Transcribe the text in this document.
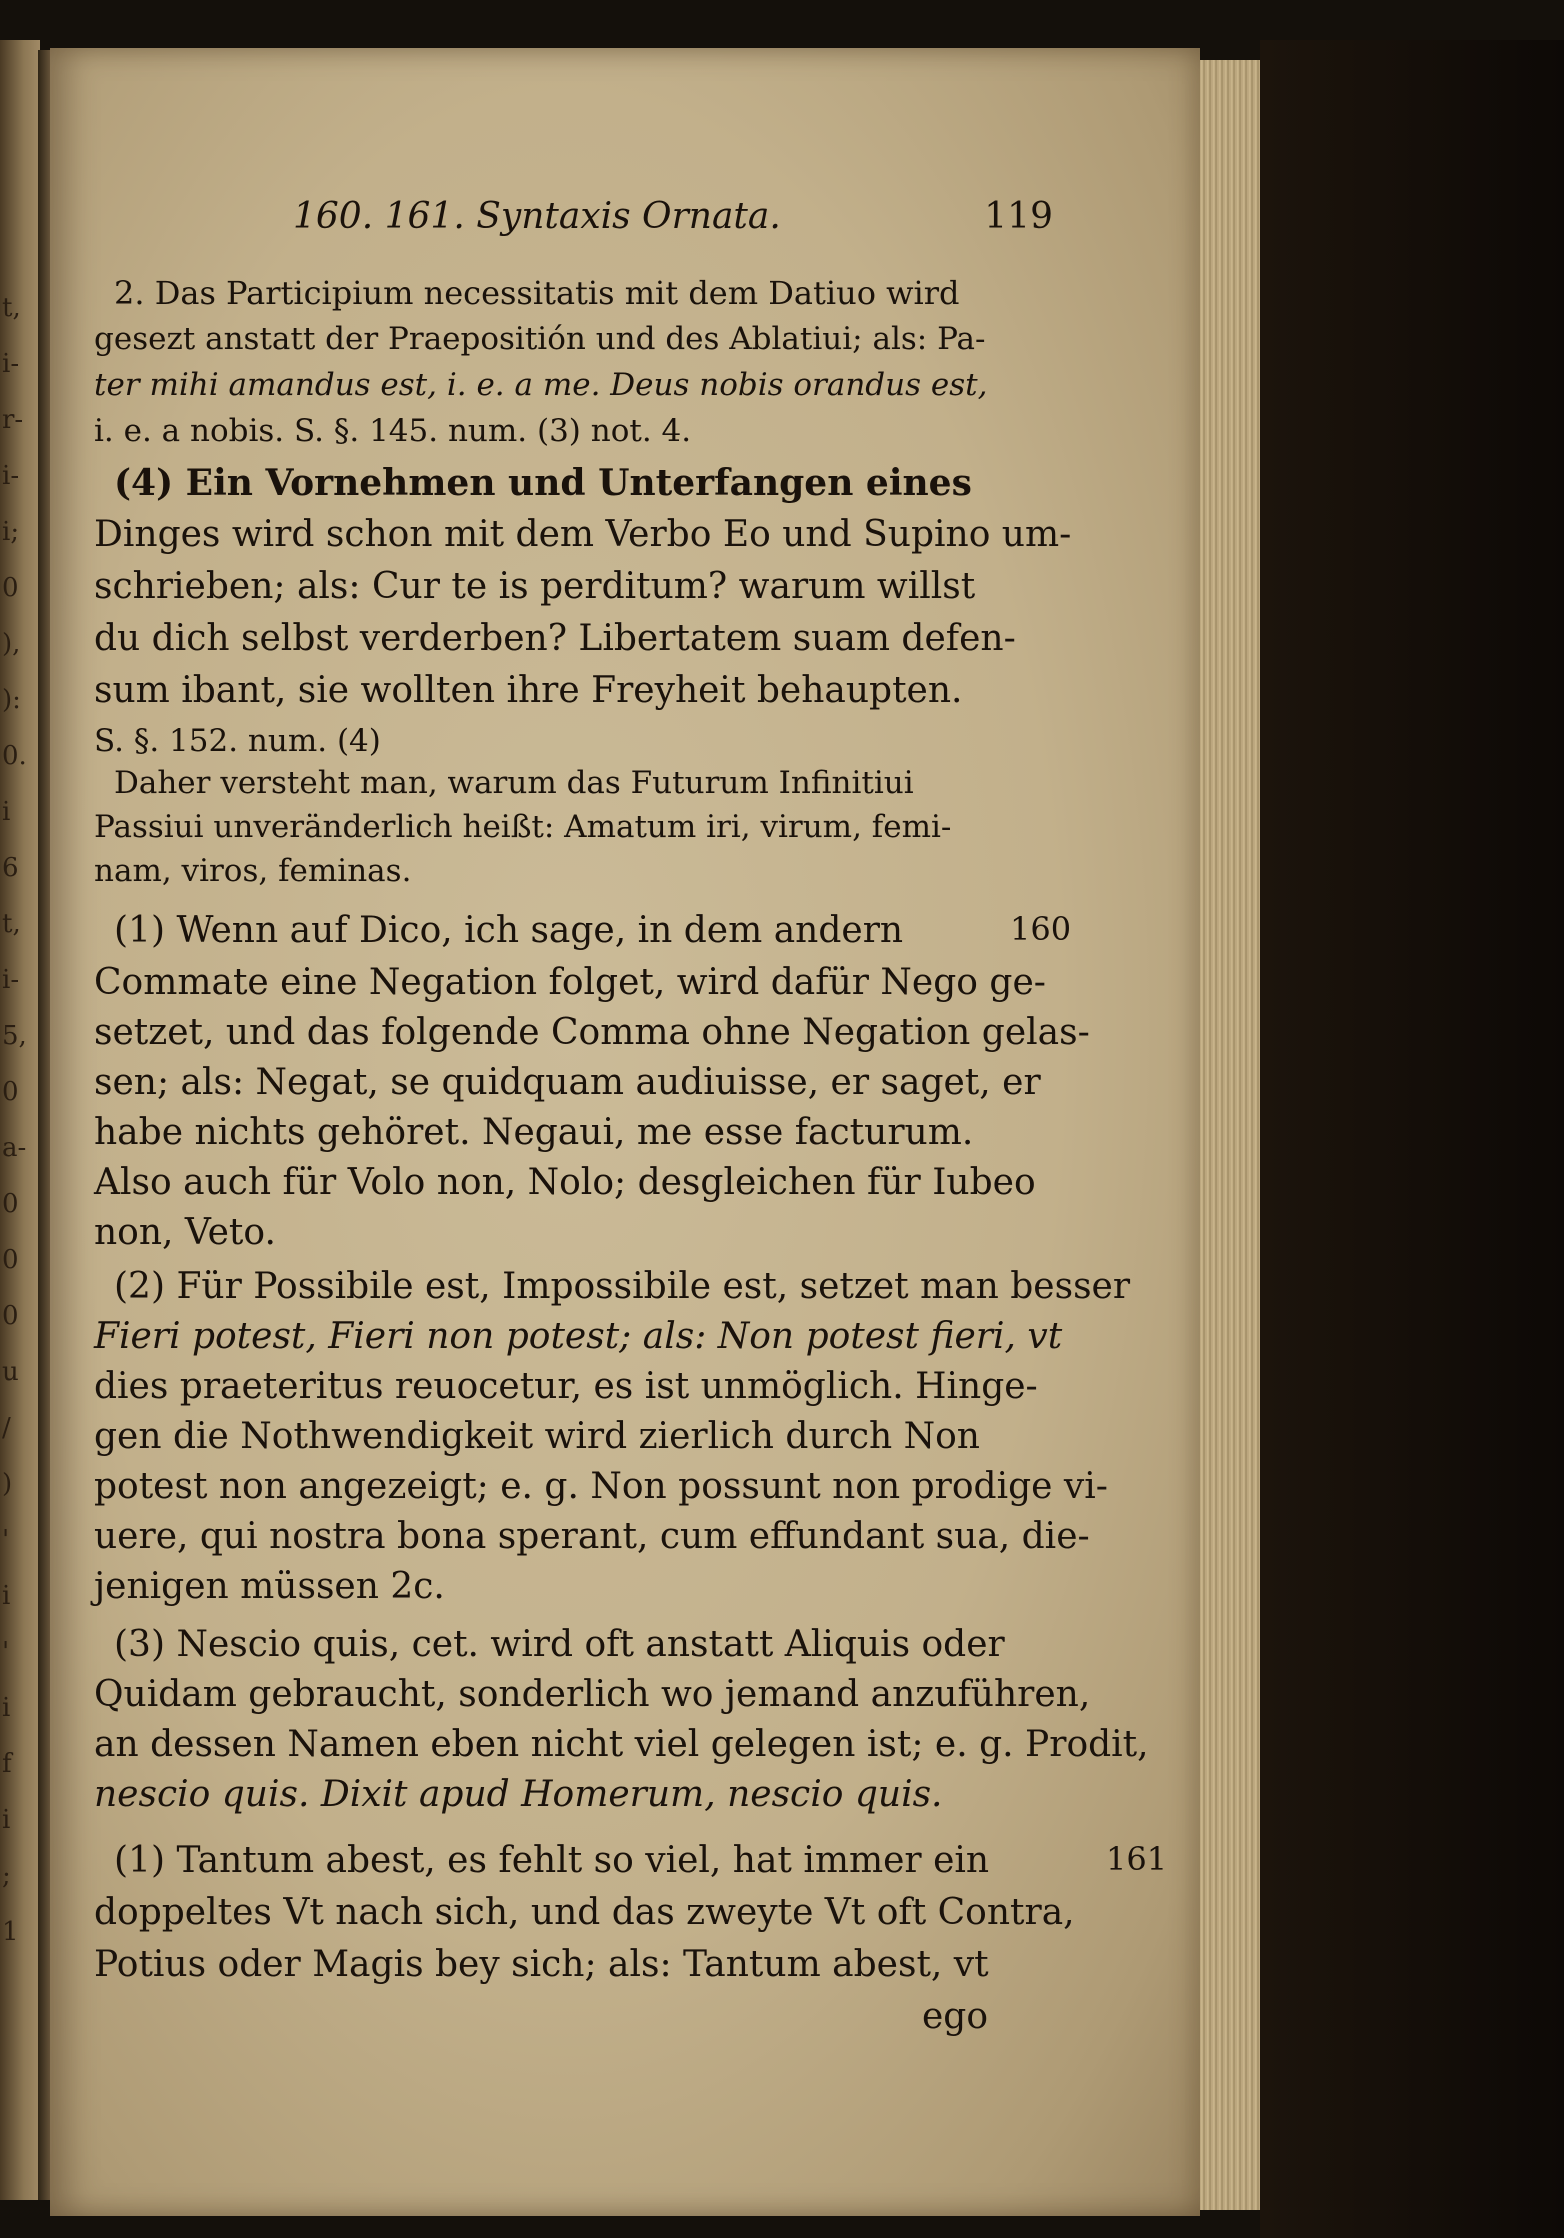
t,
i-
r-
i-
i;
0
),
):
0.
i
6
t,
i-
5,
0
a-
0
0
0
u
/
)
'
i
'
i
f
i
;
1
160. 161. Syntaxis Ornata.	119
2. Das Participium necessitatis mit dem Datiuo wird
gesezt anstatt der Praepositión und des Ablatiui; als: Pa-
ter mihi amandus est, i. e. a me. Deus nobis orandus est,
i. e. a nobis. S. §. 145. num. (3) not. 4.
(4) Ein Vornehmen und Unterfangen eines
Dinges wird schon mit dem Verbo Eo und Supino um-
schrieben; als: Cur te is perditum? warum willst
du dich selbst verderben? Libertatem suam defen-
sum ibant, sie wollten ihre Freyheit behaupten.
S. §. 152. num. (4)
Daher versteht man, warum das Futurum Infinitiui
Passiui unveränderlich heißt: Amatum iri, virum, femi-
nam, viros, feminas.
(1) Wenn auf Dico, ich sage, in dem andern	160
Commate eine Negation folget, wird dafür Nego ge-
setzet, und das folgende Comma ohne Negation gelas-
sen; als: Negat, se quidquam audiuisse, er saget, er
habe nichts gehöret. Negaui, me esse facturum.
Also auch für Volo non, Nolo; desgleichen für Iubeo
non, Veto.
(2) Für Possibile est, Impossibile est, setzet man besser
Fieri potest, Fieri non potest; als: Non potest fieri, vt
dies praeteritus reuocetur, es ist unmöglich. Hinge-
gen die Nothwendigkeit wird zierlich durch Non
potest non angezeigt; e. g. Non possunt non prodige vi-
uere, qui nostra bona sperant, cum effundant sua, die-
jenigen müssen 2c.
(3) Nescio quis, cet. wird oft anstatt Aliquis oder
Quidam gebraucht, sonderlich wo jemand anzuführen,
an dessen Namen eben nicht viel gelegen ist; e. g. Prodit,
nescio quis. Dixit apud Homerum, nescio quis.
(1) Tantum abest, es fehlt so viel, hat immer ein	161
doppeltes Vt nach sich, und das zweyte Vt oft Contra,
Potius oder Magis bey sich; als: Tantum abest, vt
ego
